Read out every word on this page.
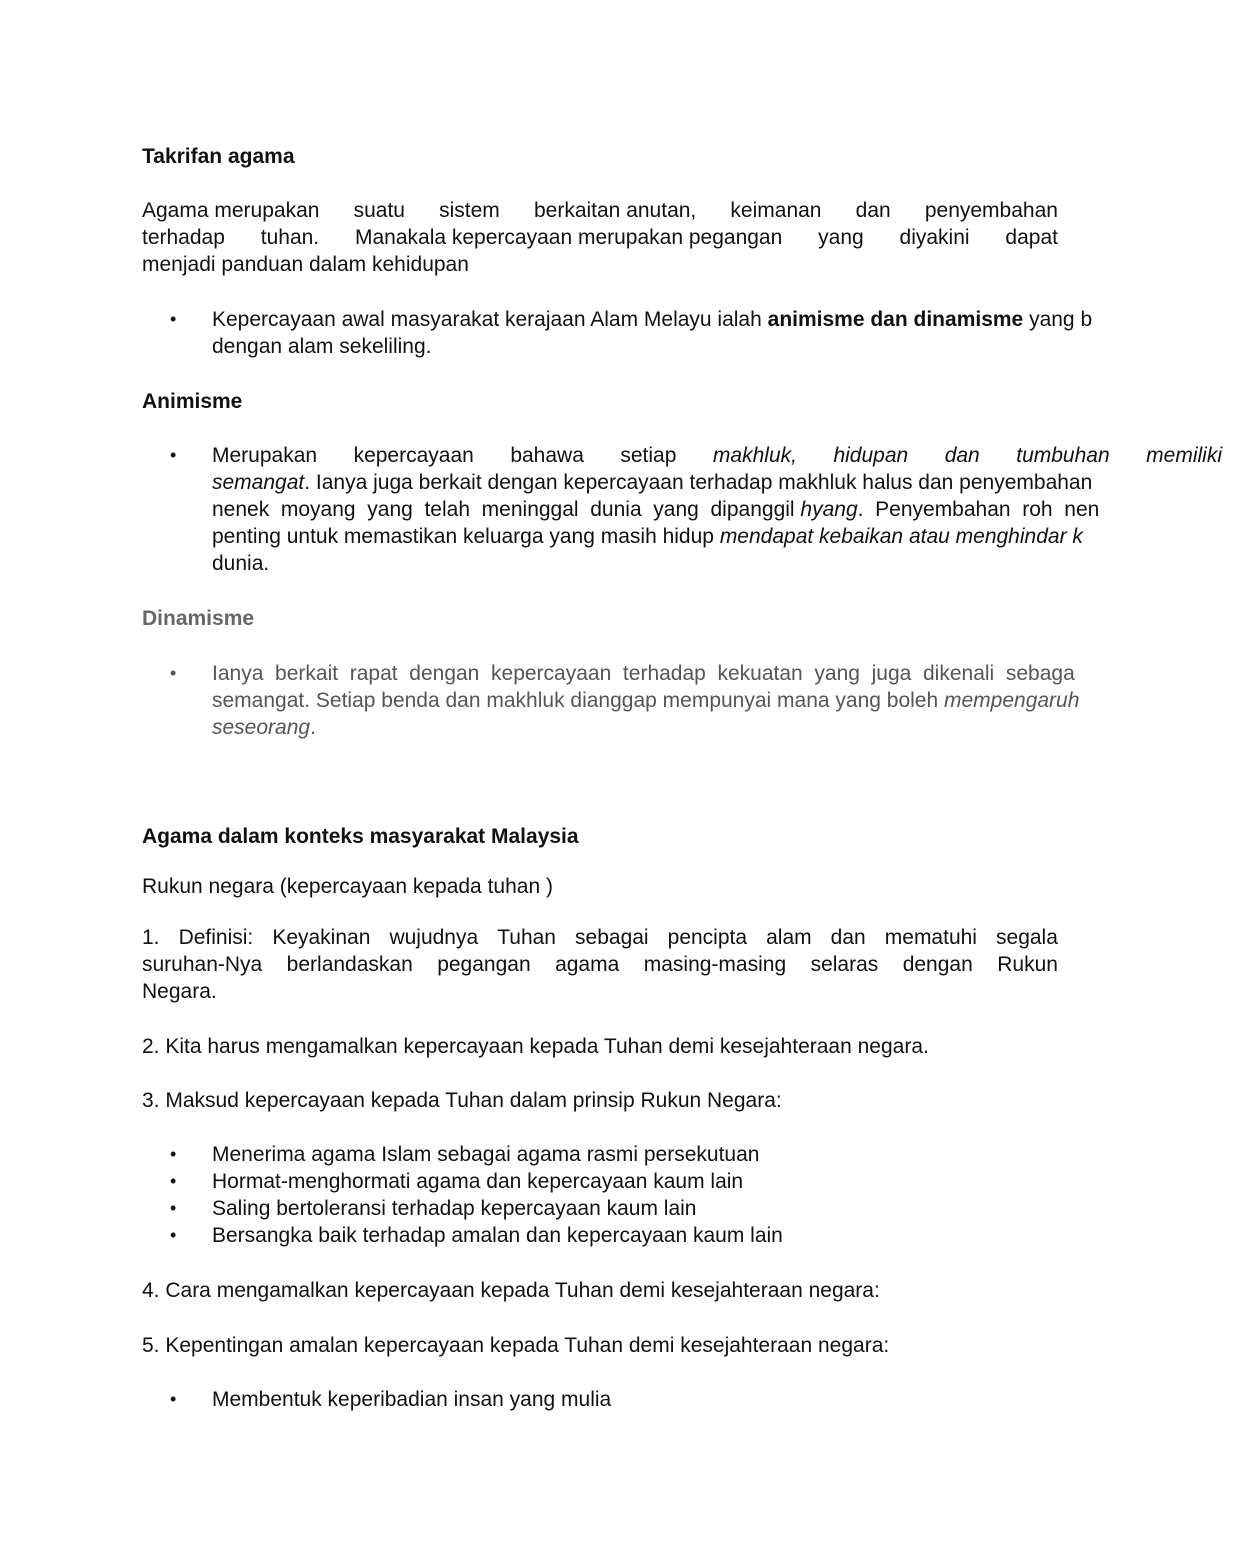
Takrifan agama

Agama merupakan suatu sistem berkaitan anutan, keimanan dan penyembahan
terhadap tuhan. Manakala kepercayaan merupakan pegangan yang diyakini dapat
menjadi panduan dalam kehidupan
•	Kepercayaan awal masyarakat kerajaan Alam Melayu ialah animisme dan dinamisme yang b
dengan alam sekeliling.

Animisme

•	Merupakan kepercayaan bahawa setiap makhluk, hidupan dan tumbuhan memiliki
semangat. Ianya juga berkait dengan kepercayaan terhadap makhluk halus dan penyembahan
nenek  moyang  yang  telah  meninggal  dunia  yang  dipanggil hyang.  Penyembahan  roh  nen
penting untuk memastikan keluarga yang masih hidup mendapat kebaikan atau menghindar k
dunia.

Dinamisme

•	Ianya  berkait  rapat  dengan  kepercayaan  terhadap  kekuatan  yang  juga  dikenali  sebaga
semangat. Setiap benda dan makhluk dianggap mempunyai mana yang boleh mempengaruh
seseorang.

Agama dalam konteks masyarakat Malaysia

Rukun negara (kepercayaan kepada tuhan )

1. Definisi: Keyakinan wujudnya Tuhan sebagai pencipta alam dan mematuhi segala
suruhan-Nya berlandaskan pegangan agama masing-masing selaras dengan Rukun
Negara.

2. Kita harus mengamalkan kepercayaan kepada Tuhan demi kesejahteraan negara.

3. Maksud kepercayaan kepada Tuhan dalam prinsip Rukun Negara:

•	Menerima agama Islam sebagai agama rasmi persekutuan
•	Hormat-menghormati agama dan kepercayaan kaum lain
•	Saling bertoleransi terhadap kepercayaan kaum lain
•	Bersangka baik terhadap amalan dan kepercayaan kaum lain

4. Cara mengamalkan kepercayaan kepada Tuhan demi kesejahteraan negara:

5. Kepentingan amalan kepercayaan kepada Tuhan demi kesejahteraan negara:

•	Membentuk keperibadian insan yang mulia
